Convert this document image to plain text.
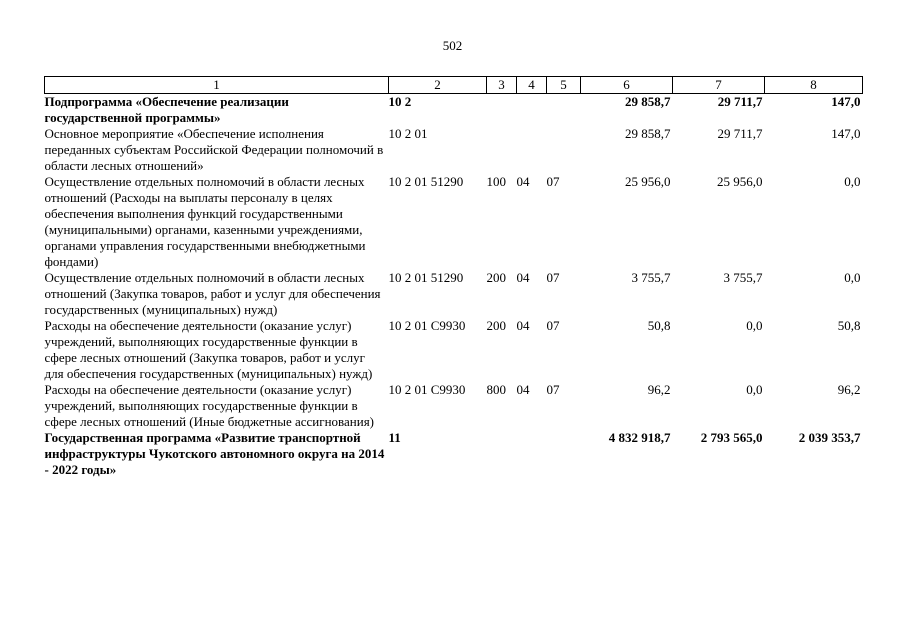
502
1	2	3	4	5	6	7	8
Подпрограмма «Обеспечение реализации государственной программы»	10 2				29 858,7	29 711,7	147,0
Основное мероприятие «Обеспечение исполнения переданных субъектам Российской Федерации полномочий в области лесных отношений»	10 2 01				29 858,7	29 711,7	147,0
Осуществление отдельных полномочий в области лесных отношений (Расходы на выплаты персоналу в целях обеспечения выполнения функций государственными (муниципальными) органами, казенными учреждениями, органами управления государственными внебюджетными фондами)	10 2 01 51290	100	04	07	25 956,0	25 956,0	0,0
Осуществление отдельных полномочий в области лесных отношений (Закупка товаров, работ и услуг для обеспечения государственных (муниципальных) нужд)	10 2 01 51290	200	04	07	3 755,7	3 755,7	0,0
Расходы на обеспечение деятельности (оказание услуг) учреждений, выполняющих государственные функции в сфере лесных отношений (Закупка товаров, работ и услуг для обеспечения государственных (муниципальных) нужд)	10 2 01 С9930	200	04	07	50,8	0,0	50,8
Расходы на обеспечение деятельности (оказание услуг) учреждений, выполняющих государственные функции в сфере лесных отношений (Иные бюджетные ассигнования)	10 2 01 С9930	800	04	07	96,2	0,0	96,2
Государственная программа «Развитие транспортной инфраструктуры Чукотского автономного округа на 2014 - 2022 годы»	11				4 832 918,7	2 793 565,0	2 039 353,7
